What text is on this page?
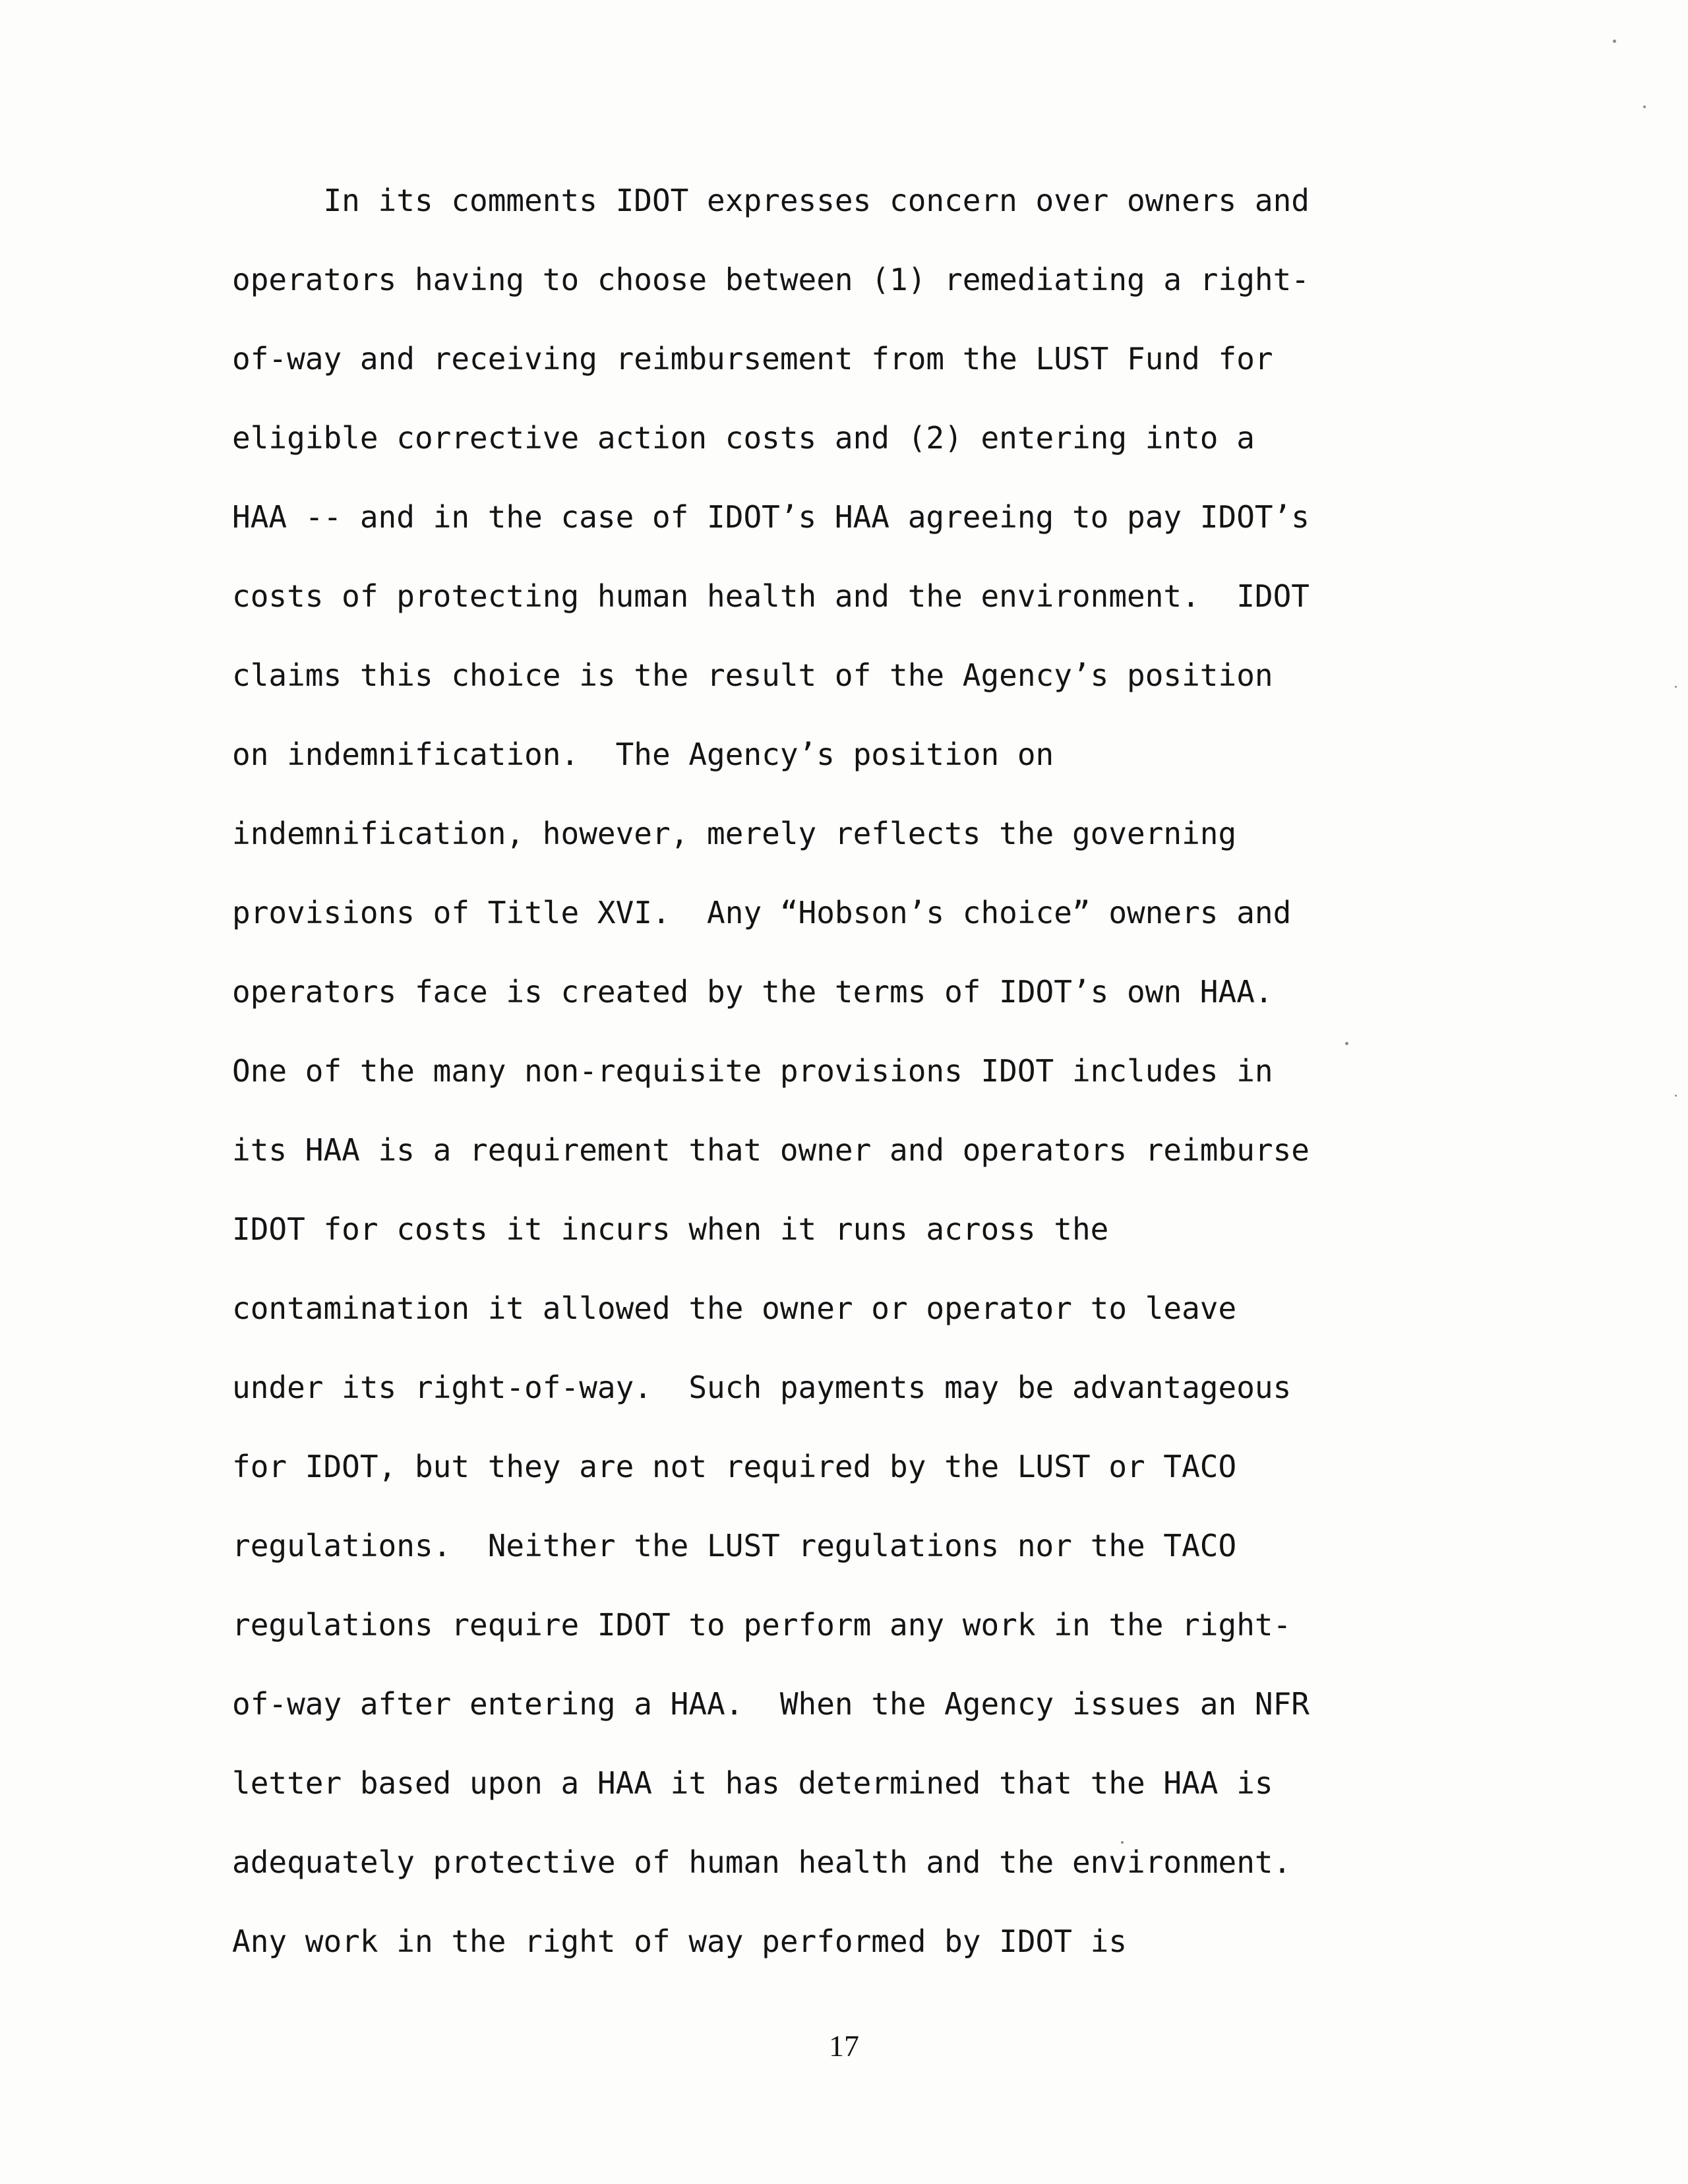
In its comments IDOT expresses concern over owners and
operators having to choose between (1) remediating a right-
of-way and receiving reimbursement from the LUST Fund for
eligible corrective action costs and (2) entering into a
HAA -- and in the case of IDOT’s HAA agreeing to pay IDOT’s
costs of protecting human health and the environment.  IDOT
claims this choice is the result of the Agency’s position
on indemnification.  The Agency’s position on
indemnification, however, merely reflects the governing
provisions of Title XVI.  Any “Hobson’s choice” owners and
operators face is created by the terms of IDOT’s own HAA.
One of the many non-requisite provisions IDOT includes in
its HAA is a requirement that owner and operators reimburse
IDOT for costs it incurs when it runs across the
contamination it allowed the owner or operator to leave
under its right-of-way.  Such payments may be advantageous
for IDOT, but they are not required by the LUST or TACO
regulations.  Neither the LUST regulations nor the TACO
regulations require IDOT to perform any work in the right-
of-way after entering a HAA.  When the Agency issues an NFR
letter based upon a HAA it has determined that the HAA is
adequately protective of human health and the environment.
Any work in the right of way performed by IDOT is
17
